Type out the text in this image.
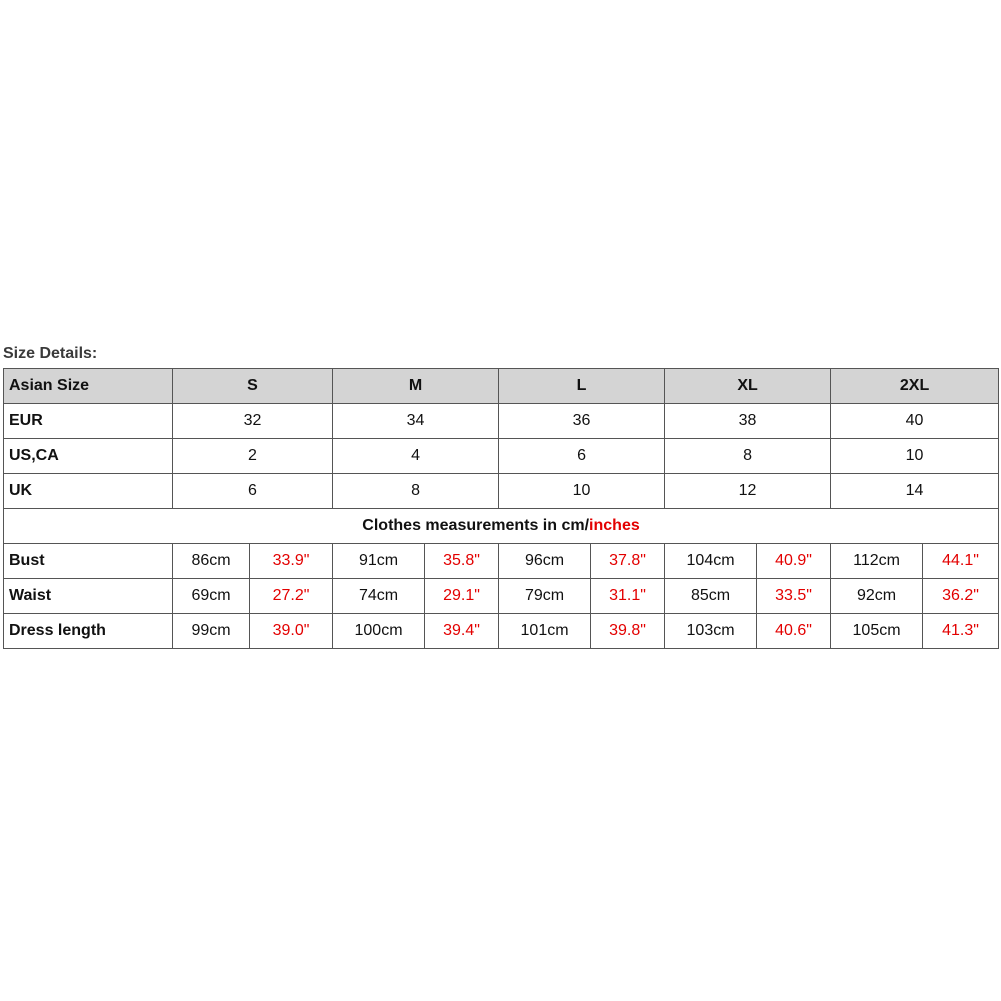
Size Details:
Asian Size	S		M		L		XL		2XL	
EUR	32		34		36		38		40	
US,CA	2		4		6		8		10	
UK	6		8		10		12		14	
Clothes measurements in cm/inches										
Bust	86cm	33.9"	91cm	35.8"	96cm	37.8"	104cm	40.9"	112cm	44.1"
Waist	69cm	27.2"	74cm	29.1"	79cm	31.1"	85cm	33.5"	92cm	36.2"
Dress length	99cm	39.0"	100cm	39.4"	101cm	39.8"	103cm	40.6"	105cm	41.3"
